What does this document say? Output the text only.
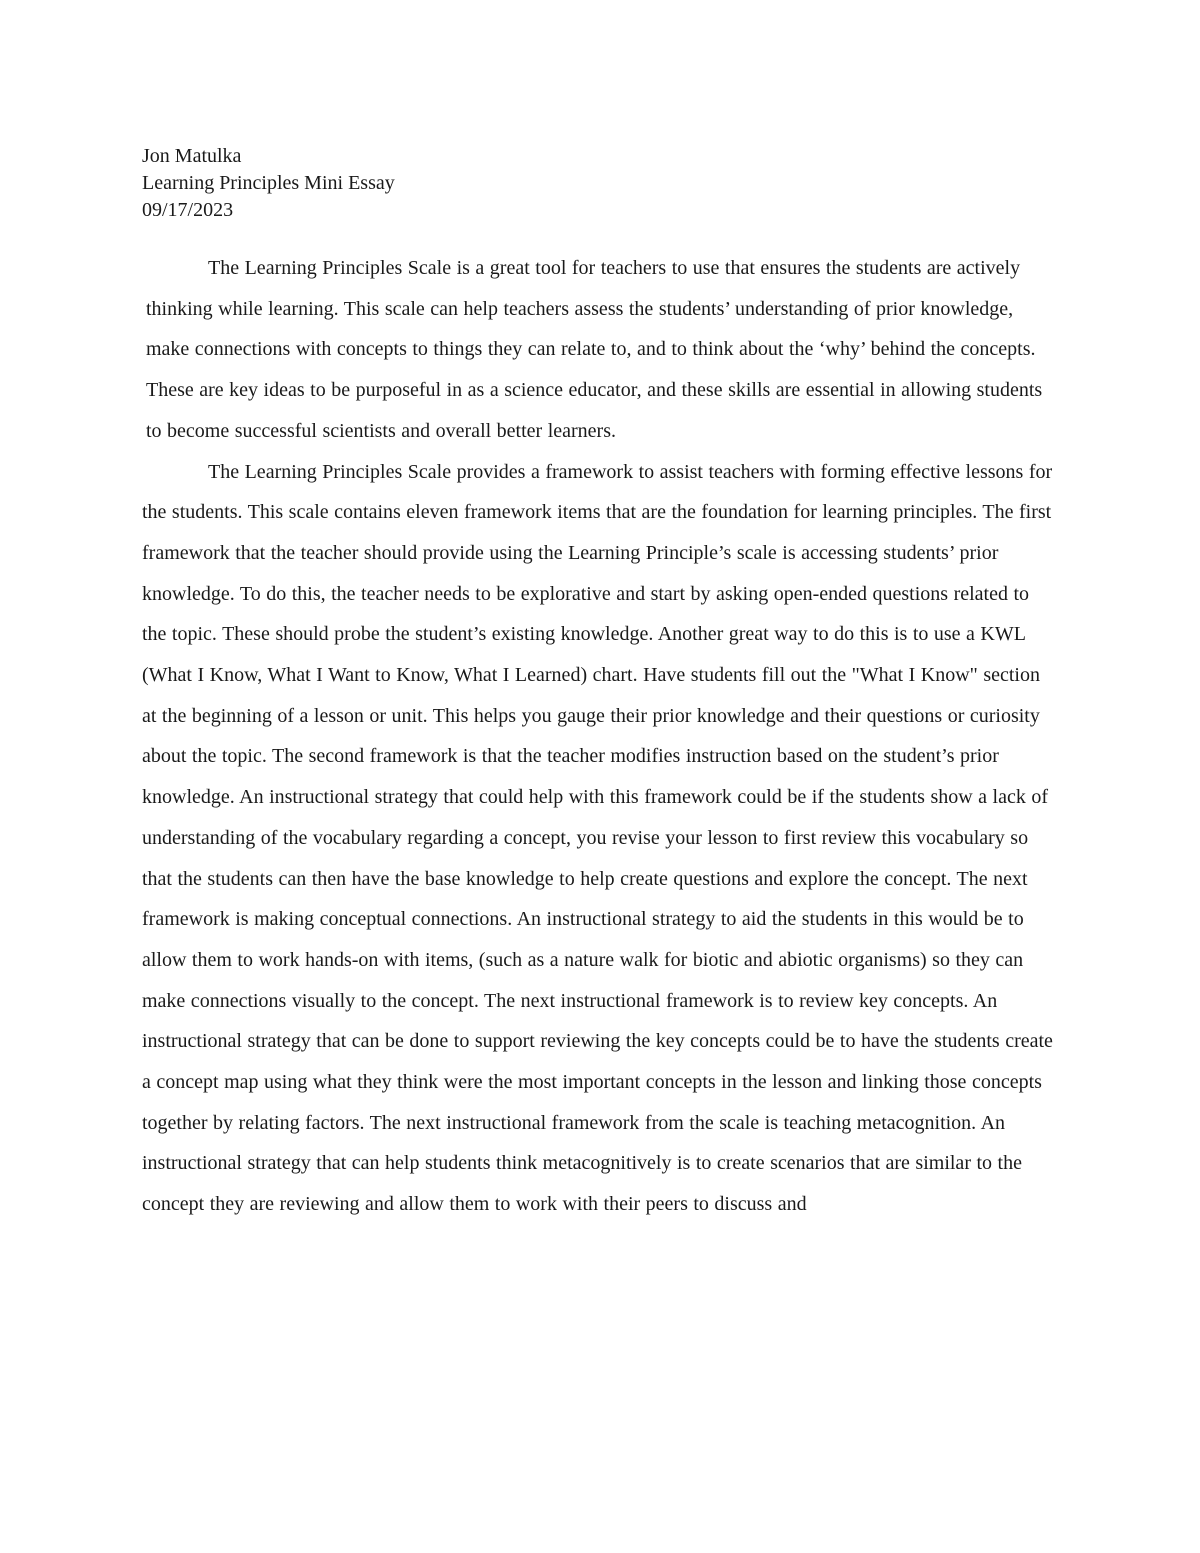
Jon Matulka
Learning Principles Mini Essay
09/17/2023

The Learning Principles Scale is a great tool for teachers to use that ensures the students are actively thinking while learning. This scale can help teachers assess the students’ understanding of prior knowledge, make connections with concepts to things they can relate to, and to think about the ‘why’ behind the concepts. These are key ideas to be purposeful in as a science educator, and these skills are essential in allowing students to become successful scientists and overall better learners.

The Learning Principles Scale provides a framework to assist teachers with forming effective lessons for the students. This scale contains eleven framework items that are the foundation for learning principles. The first framework that the teacher should provide using the Learning Principle’s scale is accessing students’ prior knowledge. To do this, the teacher needs to be explorative and start by asking open-ended questions related to the topic. These should probe the student’s existing knowledge. Another great way to do this is to use a KWL (What I Know, What I Want to Know, What I Learned) chart. Have students fill out the "What I Know" section at the beginning of a lesson or unit. This helps you gauge their prior knowledge and their questions or curiosity about the topic. The second framework is that the teacher modifies instruction based on the student’s prior knowledge. An instructional strategy that could help with this framework could be if the students show a lack of understanding of the vocabulary regarding a concept, you revise your lesson to first review this vocabulary so that the students can then have the base knowledge to help create questions and explore the concept. The next framework is making conceptual connections. An instructional strategy to aid the students in this would be to allow them to work hands-on with items, (such as a nature walk for biotic and abiotic organisms) so they can make connections visually to the concept. The next instructional framework is to review key concepts. An instructional strategy that can be done to support reviewing the key concepts could be to have the students create a concept map using what they think were the most important concepts in the lesson and linking those concepts together by relating factors. The next instructional framework from the scale is teaching metacognition. An instructional strategy that can help students think metacognitively is to create scenarios that are similar to the concept they are reviewing and allow them to work with their peers to discuss and
